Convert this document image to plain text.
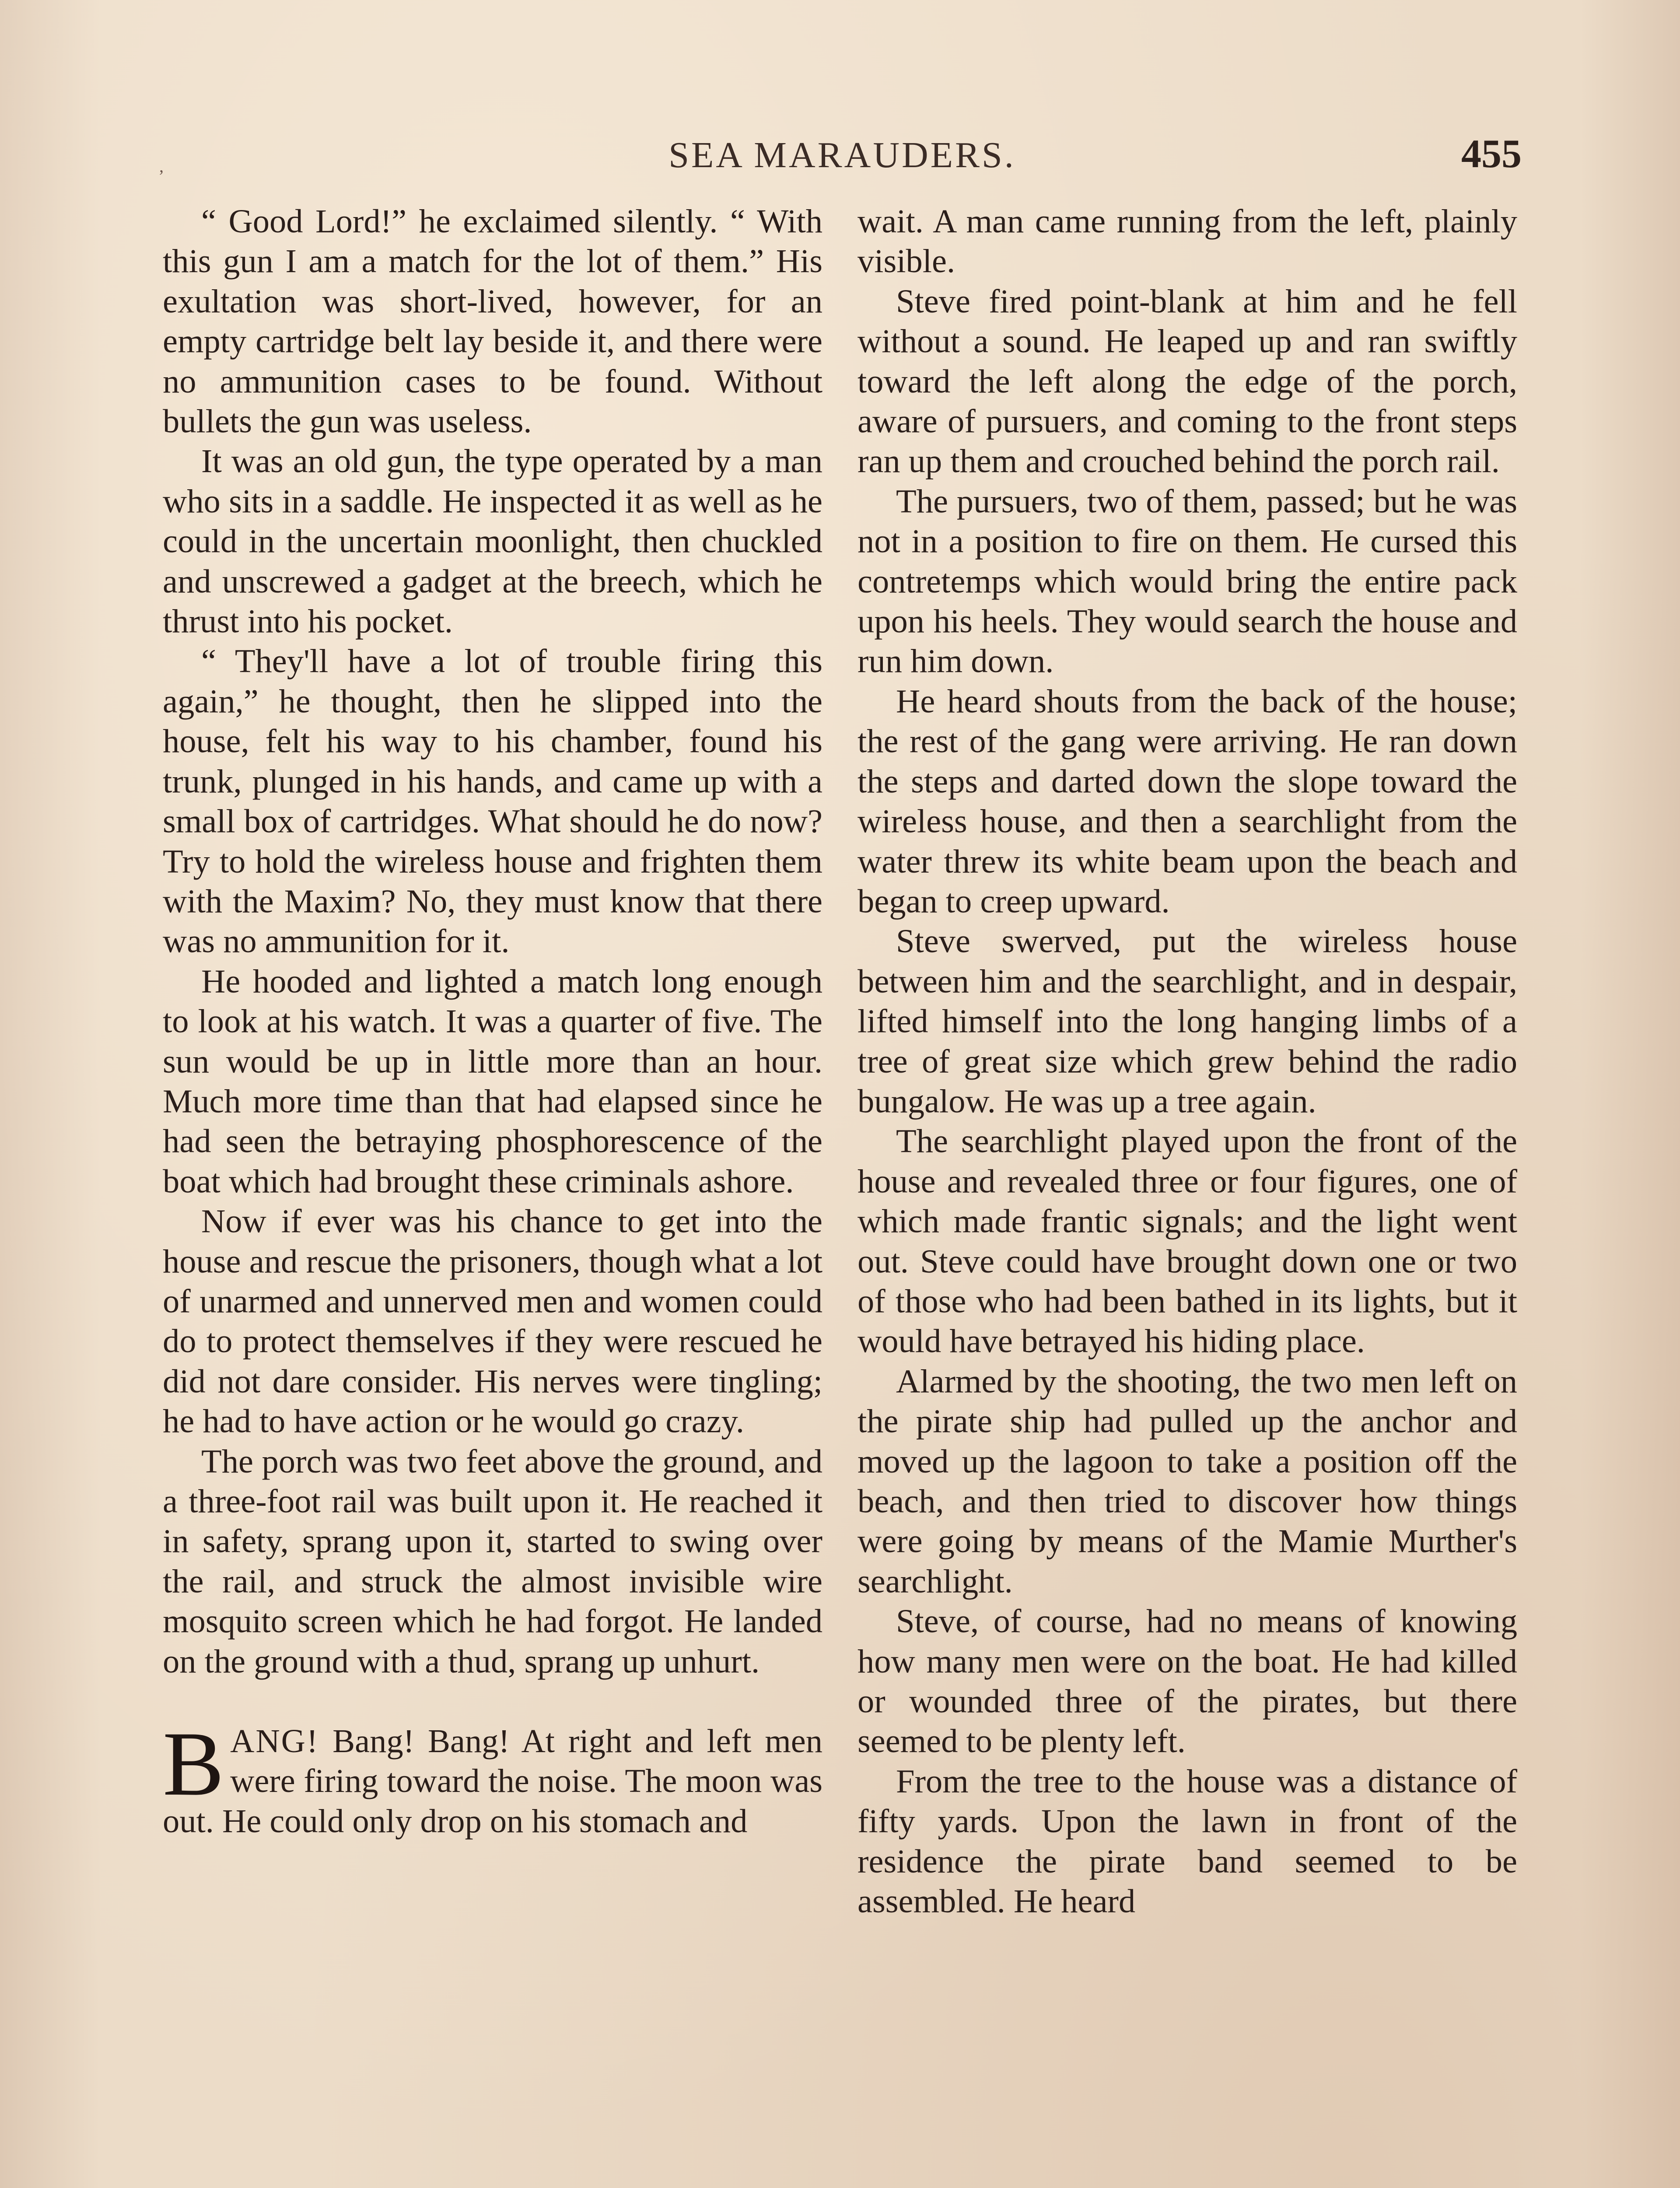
,	SEA MARAUDERS.	455

“ Good Lord!” he exclaimed silently. “ With this gun I am a match for the lot of them.” His exultation was short-lived, however, for an empty cartridge belt lay beside it, and there were no ammunition cases to be found. Without bullets the gun was useless.

It was an old gun, the type operated by a man who sits in a saddle. He inspected it as well as he could in the uncertain moonlight, then chuckled and unscrewed a gadget at the breech, which he thrust into his pocket.

“ They'll have a lot of trouble firing this again,” he thought, then he slipped into the house, felt his way to his chamber, found his trunk, plunged in his hands, and came up with a small box of cartridges. What should he do now? Try to hold the wireless house and frighten them with the Maxim? No, they must know that there was no ammunition for it.

He hooded and lighted a match long enough to look at his watch. It was a quarter of five. The sun would be up in little more than an hour. Much more time than that had elapsed since he had seen the betraying phosphorescence of the boat which had brought these criminals ashore.

Now if ever was his chance to get into the house and rescue the prisoners, though what a lot of unarmed and unnerved men and women could do to protect themselves if they were rescued he did not dare consider. His nerves were tingling; he had to have action or he would go crazy.

The porch was two feet above the ground, and a three-foot rail was built upon it. He reached it in safety, sprang upon it, started to swing over the rail, and struck the almost invisible wire mosquito screen which he had forgot. He landed on the ground with a thud, sprang up unhurt.

BANG! Bang! Bang! At right and left men were firing toward the noise. The moon was out. He could only drop on his stomach and

wait. A man came running from the left, plainly visible.

Steve fired point-blank at him and he fell without a sound. He leaped up and ran swiftly toward the left along the edge of the porch, aware of pursuers, and coming to the front steps ran up them and crouched behind the porch rail.

The pursuers, two of them, passed; but he was not in a position to fire on them. He cursed this contretemps which would bring the entire pack upon his heels. They would search the house and run him down.

He heard shouts from the back of the house; the rest of the gang were arriving. He ran down the steps and darted down the slope toward the wireless house, and then a searchlight from the water threw its white beam upon the beach and began to creep upward.

Steve swerved, put the wireless house between him and the searchlight, and in despair, lifted himself into the long hanging limbs of a tree of great size which grew behind the radio bungalow. He was up a tree again.

The searchlight played upon the front of the house and revealed three or four figures, one of which made frantic signals; and the light went out. Steve could have brought down one or two of those who had been bathed in its lights, but it would have betrayed his hiding place.

Alarmed by the shooting, the two men left on the pirate ship had pulled up the anchor and moved up the lagoon to take a position off the beach, and then tried to discover how things were going by means of the Mamie Murther's searchlight.

Steve, of course, had no means of knowing how many men were on the boat. He had killed or wounded three of the pirates, but there seemed to be plenty left.

From the tree to the house was a distance of fifty yards. Upon the lawn in front of the residence the pirate band seemed to be assembled. He heard
